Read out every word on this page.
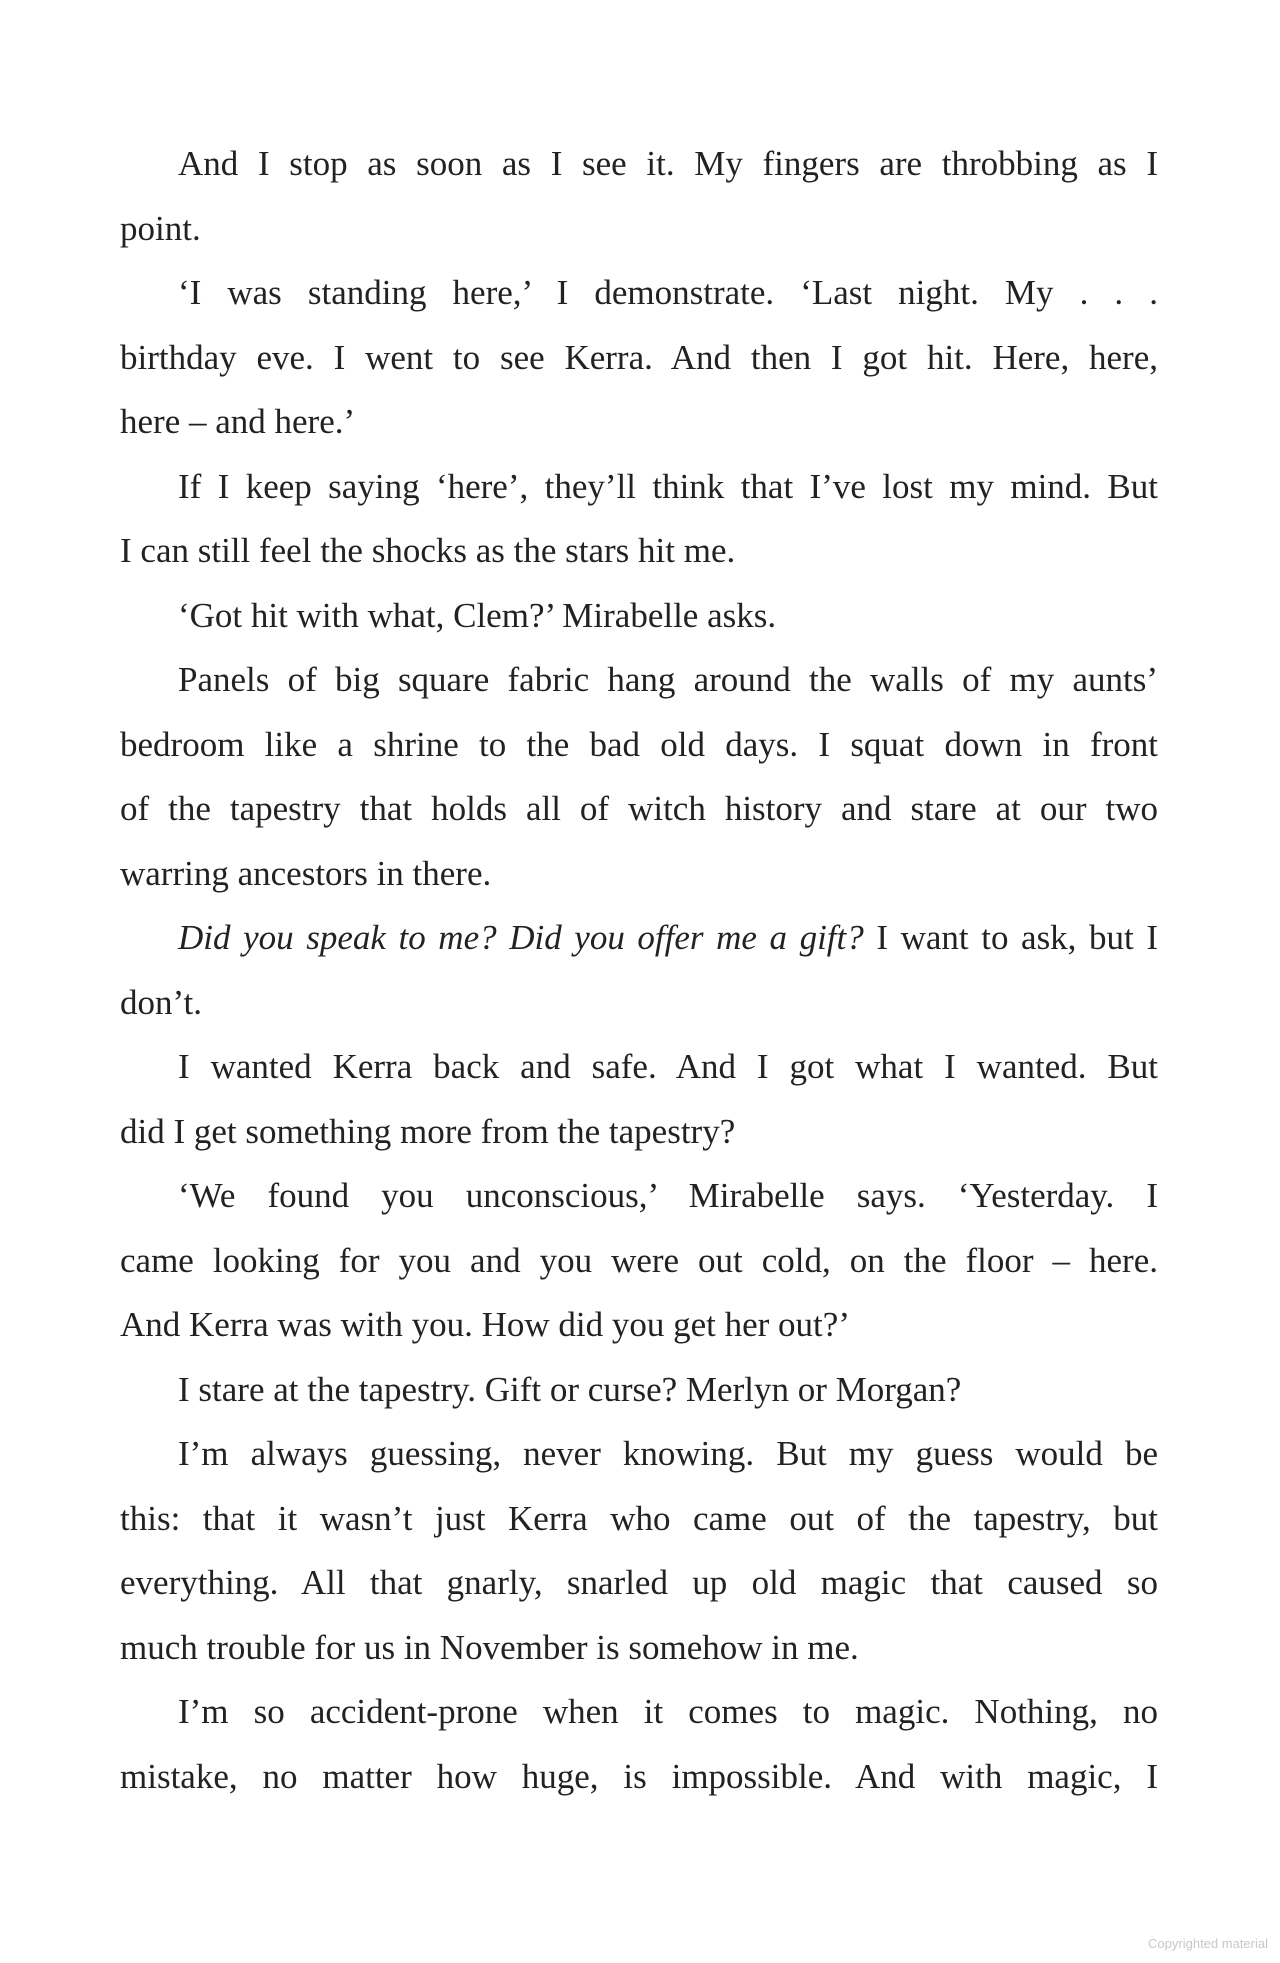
And I stop as soon as I see it. My fingers are throbbing as I
point.
‘I was standing here,’ I demonstrate. ‘Last night. My . . .
birthday eve. I went to see Kerra. And then I got hit. Here, here,
here – and here.’
If I keep saying ‘here’, they’ll think that I’ve lost my mind. But
I can still feel the shocks as the stars hit me.
‘Got hit with what, Clem?’ Mirabelle asks.
Panels of big square fabric hang around the walls of my aunts’
bedroom like a shrine to the bad old days. I squat down in front
of the tapestry that holds all of witch history and stare at our two
warring ancestors in there.
Did you speak to me? Did you offer me a gift? I want to ask, but I
don’t.
I wanted Kerra back and safe. And I got what I wanted. But
did I get something more from the tapestry?
‘We found you unconscious,’ Mirabelle says. ‘Yesterday. I
came looking for you and you were out cold, on the floor – here.
And Kerra was with you. How did you get her out?’
I stare at the tapestry. Gift or curse? Merlyn or Morgan?
I’m always guessing, never knowing. But my guess would be
this: that it wasn’t just Kerra who came out of the tapestry, but
everything. All that gnarly, snarled up old magic that caused so
much trouble for us in November is somehow in me.
I’m so accident-prone when it comes to magic. Nothing, no
mistake, no matter how huge, is impossible. And with magic, I
Copyrighted material
